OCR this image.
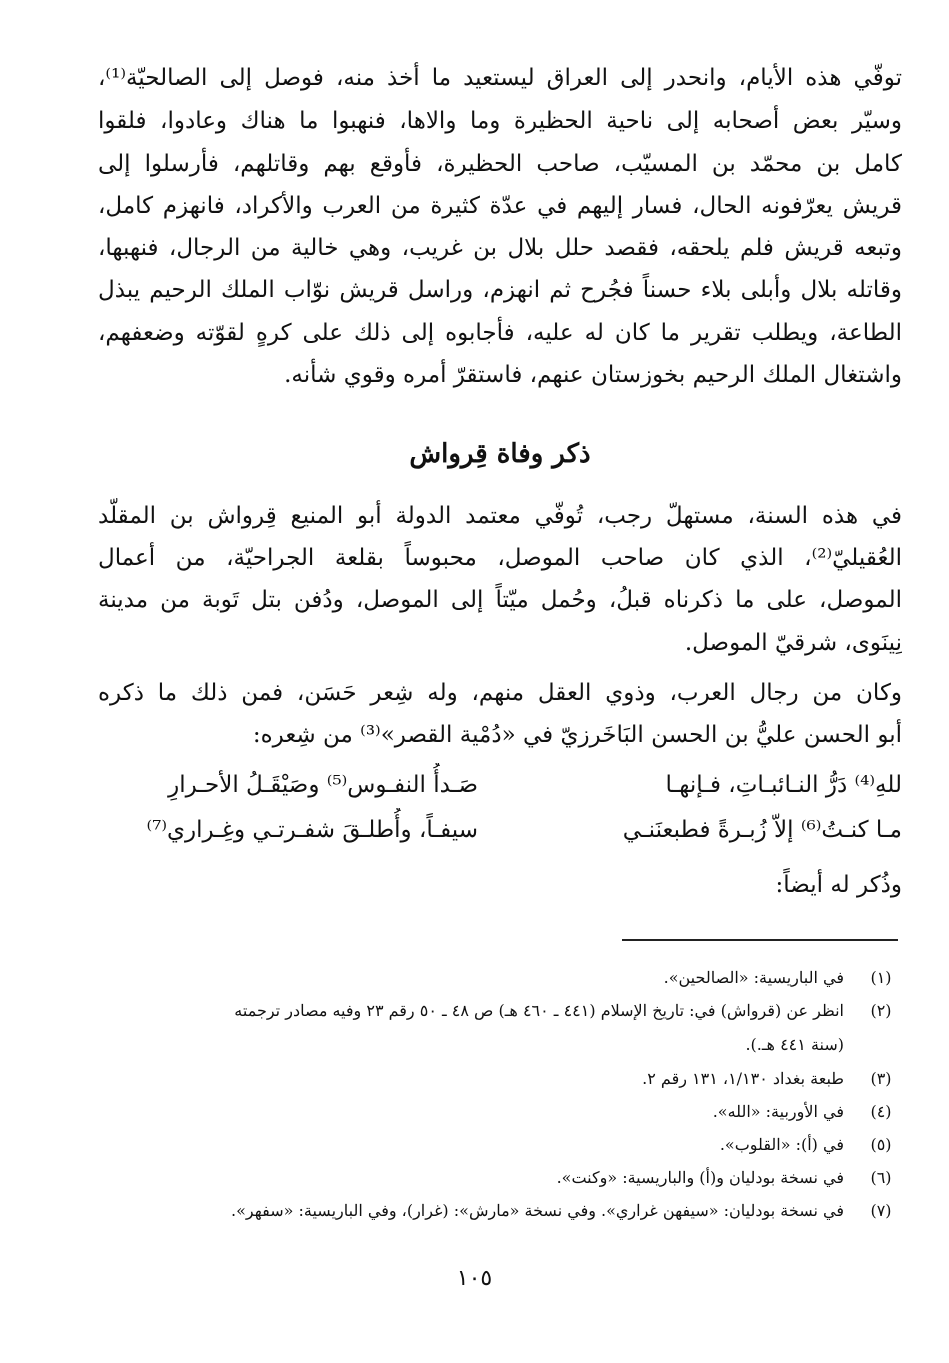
توفّي هذه الأيام، وانحدر إلى العراق ليستعيد ما أخذ منه، فوصل إلى الصالحيّة⁽¹⁾،
وسيّر بعض أصحابه إلى ناحية الحظيرة وما والاها، فنهبوا ما هناك وعادوا، فلقوا
كامل بن محمّد بن المسيّب، صاحب الحظيرة، فأوقع بهم وقاتلهم، فأرسلوا إلى
قريش يعرّفونه الحال، فسار إليهم في عدّة كثيرة من العرب والأكراد، فانهزم كامل،
وتبعه قريش فلم يلحقه، فقصد حلل بلال بن غريب، وهي خالية من الرجال، فنهبها،
وقاتله بلال وأبلى بلاء حسناً فجُرح ثم انهزم، وراسل قريش نوّاب الملك الرحيم يبذل
الطاعة، ويطلب تقرير ما كان له عليه، فأجابوه إلى ذلك على كرهٍ لقوّته وضعفهم،
واشتغال الملك الرحيم بخوزستان عنهم، فاستقرّ أمره وقوي شأنه.
ذكر وفاة قِرواش
في هذه السنة، مستهلّ رجب، تُوفّي معتمد الدولة أبو المنيع قِرواش بن المقلّد
العُقيليّ⁽²⁾، الذي كان صاحب الموصل، محبوساً بقلعة الجراحيّة، من أعمال
الموصل، على ما ذكرناه قبلُ، وحُمل ميّتاً إلى الموصل، ودُفن بتل تَوبة من مدينة
نِينَوى، شرقيّ الموصل.
وكان من رجال العرب، وذوي العقل منهم، وله شِعر حَسَن، فمن ذلك ما ذكره
أبو الحسن عليُّ بن الحسن البَاخَرزيّ في «دُمْية القصر»⁽³⁾ من شِعره:
للهِ⁽⁴⁾ دَرُّ النـائبـاتِ، فـإنهـا
صَـدأُ النفـوس⁽⁵⁾ وصَيْقَـلُ الأحـرارِ
مـا كنـتُ⁽⁶⁾ إلاّ زُبـرةً فطبعنَنـي
سيفـاً، وأُطلـقَ شفـرتـي وغِـراري⁽⁷⁾
وذُكر له أيضاً:
(١)
في الباريسية: «الصالحين».
(٢)
انظر عن (قرواش) في: تاريخ الإسلام (٤٤١ ـ ٤٦٠ هـ) ص ٤٨ ـ ٥٠ رقم ٢٣ وفيه مصادر ترجمته
(سنة ٤٤١ هـ.).
(٣)
طبعة بغداد ١/١٣٠، ١٣١ رقم ٢.
(٤)
في الأوربية: «الله».
(٥)
في (أ): «القلوب».
(٦)
في نسخة بودليان و(أ) والباريسية: «وكنت».
(٧)
في نسخة بودليان: «سيفهن غراري». وفي نسخة «مارش»: (غرار)، وفي الباريسية: «سفهر».
١٠٥
